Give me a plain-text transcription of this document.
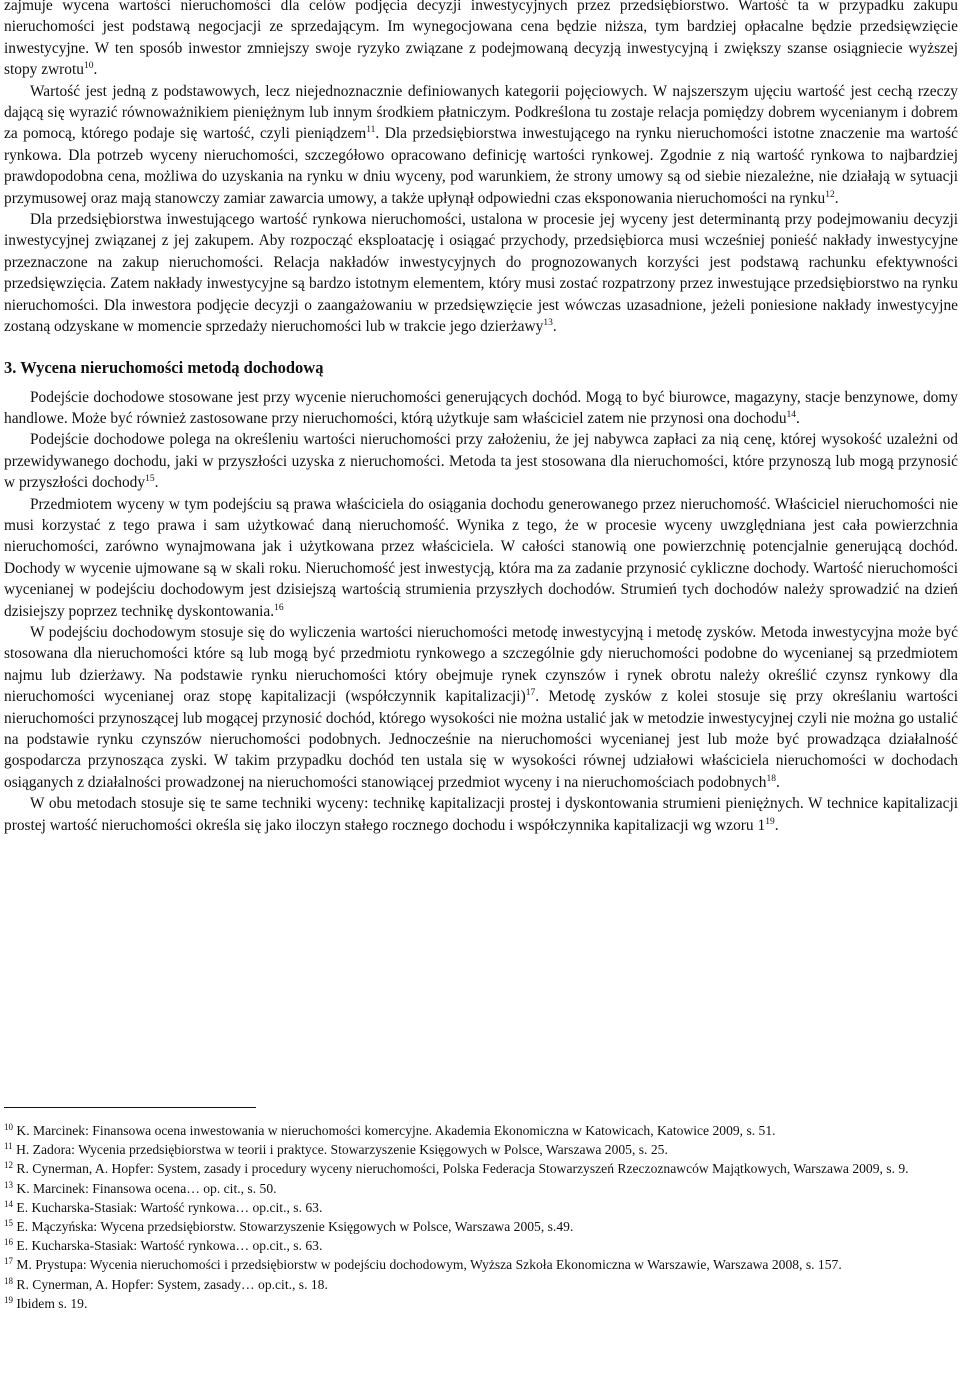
zajmuje wycena wartości nieruchomości dla celów podjęcia decyzji inwestycyjnych przez przedsiębiorstwo. Wartość ta w przypadku zakupu nieruchomości jest podstawą negocjacji ze sprzedającym. Im wynegocjowana cena będzie niższa, tym bardziej opłacalne będzie przedsięwzięcie inwestycyjne. W ten sposób inwestor zmniejszy swoje ryzyko związane z podejmowaną decyzją inwestycyjną i zwiększy szanse osiągniecie wyższej stopy zwrotu$^{10}$.

Wartość jest jedną z podstawowych, lecz niejednoznacznie definiowanych kategorii pojęciowych. W najszerszym ujęciu wartość jest cechą rzeczy dającą się wyrazić równoważnikiem pieniężnym lub innym środkiem płatniczym. Podkreślona tu zostaje relacja pomiędzy dobrem wycenianym i dobrem za pomocą, którego podaje się wartość, czyli pieniądzem$^{11}$. Dla przedsiębiorstwa inwestującego na rynku nieruchomości istotne znaczenie ma wartość rynkowa. Dla potrzeb wyceny nieruchomości, szczegółowo opracowano definicję wartości rynkowej. Zgodnie z nią wartość rynkowa to najbardziej prawdopodobna cena, możliwa do uzyskania na rynku w dniu wyceny, pod warunkiem, że strony umowy są od siebie niezależne, nie działają w sytuacji przymusowej oraz mają stanowczy zamiar zawarcia umowy, a także upłynął odpowiedni czas eksponowania nieruchomości na rynku$^{12}$.

Dla przedsiębiorstwa inwestującego wartość rynkowa nieruchomości, ustalona w procesie jej wyceny jest determinantą przy podejmowaniu decyzji inwestycyjnej związanej z jej zakupem. Aby rozpocząć eksploatację i osiągać przychody, przedsiębiorca musi wcześniej ponieść nakłady inwestycyjne przeznaczone na zakup nieruchomości. Relacja nakładów inwestycyjnych do prognozowanych korzyści jest podstawą rachunku efektywności przedsięwzięcia. Zatem nakłady inwestycyjne są bardzo istotnym elementem, który musi zostać rozpatrzony przez inwestujące przedsiębiorstwo na rynku nieruchomości. Dla inwestora podjęcie decyzji o zaangażowaniu w przedsięwzięcie jest wówczas uzasadnione, jeżeli poniesione nakłady inwestycyjne zostaną odzyskane w momencie sprzedaży nieruchomości lub w trakcie jego dzierżawy$^{13}$.

3. Wycena nieruchomości metodą dochodową

Podejście dochodowe stosowane jest przy wycenie nieruchomości generujących dochód. Mogą to być biurowce, magazyny, stacje benzynowe, domy handlowe. Może być również zastosowane przy nieruchomości, którą użytkuje sam właściciel zatem nie przynosi ona dochodu$^{14}$.

Podejście dochodowe polega na określeniu wartości nieruchomości przy założeniu, że jej nabywca zapłaci za nią cenę, której wysokość uzależni od przewidywanego dochodu, jaki w przyszłości uzyska z nieruchomości. Metoda ta jest stosowana dla nieruchomości, które przynoszą lub mogą przynosić w przyszłości dochody$^{15}$.

Przedmiotem wyceny w tym podejściu są prawa właściciela do osiągania dochodu generowanego przez nieruchomość. Właściciel nieruchomości nie musi korzystać z tego prawa i sam użytkować daną nieruchomość. Wynika z tego, że w procesie wyceny uwzględniana jest cała powierzchnia nieruchomości, zarówno wynajmowana jak i użytkowana przez właściciela. W całości stanowią one powierzchnię potencjalnie generującą dochód. Dochody w wycenie ujmowane są w skali roku. Nieruchomość jest inwestycją, która ma za zadanie przynosić cykliczne dochody. Wartość nieruchomości wycenianej w podejściu dochodowym jest dzisiejszą wartością strumienia przyszłych dochodów. Strumień tych dochodów należy sprowadzić na dzień dzisiejszy poprzez technikę dyskontowania.$^{16}$

W podejściu dochodowym stosuje się do wyliczenia wartości nieruchomości metodę inwestycyjną i metodę zysków. Metoda inwestycyjna może być stosowana dla nieruchomości które są lub mogą być przedmiotu rynkowego a szczególnie gdy nieruchomości podobne do wycenianej są przedmiotem najmu lub dzierżawy. Na podstawie rynku nieruchomości który obejmuje rynek czynszów i rynek obrotu należy określić czynsz rynkowy dla nieruchomości wycenianej oraz stopę kapitalizacji (współczynnik kapitalizacji)$^{17}$. Metodę zysków z kolei stosuje się przy określaniu wartości nieruchomości przynoszącej lub mogącej przynosić dochód, którego wysokości nie można ustalić jak w metodzie inwestycyjnej czyli nie można go ustalić na podstawie rynku czynszów nieruchomości podobnych. Jednocześnie na nieruchomości wycenianej jest lub może być prowadząca działalność gospodarcza przynosząca zyski. W takim przypadku dochód ten ustala się w wysokości równej udziałowi właściciela nieruchomości w dochodach osiąganych z działalności prowadzonej na nieruchomości stanowiącej przedmiot wyceny i na nieruchomościach podobnych$^{18}$.

W obu metodach stosuje się te same techniki wyceny: technikę kapitalizacji prostej i dyskontowania strumieni pieniężnych. W technice kapitalizacji prostej wartość nieruchomości określa się jako iloczyn stałego rocznego dochodu i współczynnika kapitalizacji wg wzoru $1^{19}$.

$^{10}$ K. Marcinek: Finansowa ocena inwestowania w nieruchomości komercyjne. Akademia Ekonomiczna w Katowicach, Katowice 2009, s. 51.

$^{11}$ H. Zadora: Wycenia przedsiębiorstwa w teorii i praktyce. Stowarzyszenie Księgowych w Polsce, Warszawa 2005, s. 25.

$^{12}$ R. Cynerman, A. Hopfer: System, zasady i procedury wyceny nieruchomości, Polska Federacja Stowarzyszeń Rzeczoznawców Majątkowych, Warszawa 2009, s. 9.

$^{13}$ K. Marcinek: Finansowa ocena… op. cit., s. 50.

$^{14}$ E. Kucharska-Stasiak: Wartość rynkowa… op.cit., s. 63.

$^{15}$ E. Mączyńska: Wycena przedsiębiorstw. Stowarzyszenie Księgowych w Polsce, Warszawa 2005, s.49.

$^{16}$ E. Kucharska-Stasiak: Wartość rynkowa… op.cit., s. 63.

$^{17}$ M. Prystupa: Wycenia nieruchomości i przedsiębiorstw w podejściu dochodowym, Wyższa Szkoła Ekonomiczna w Warszawie, Warszawa 2008, s. 157.

$^{18}$ R. Cynerman, A. Hopfer: System, zasady… op.cit., s. 18.

$^{19}$ Ibidem s. 19.
